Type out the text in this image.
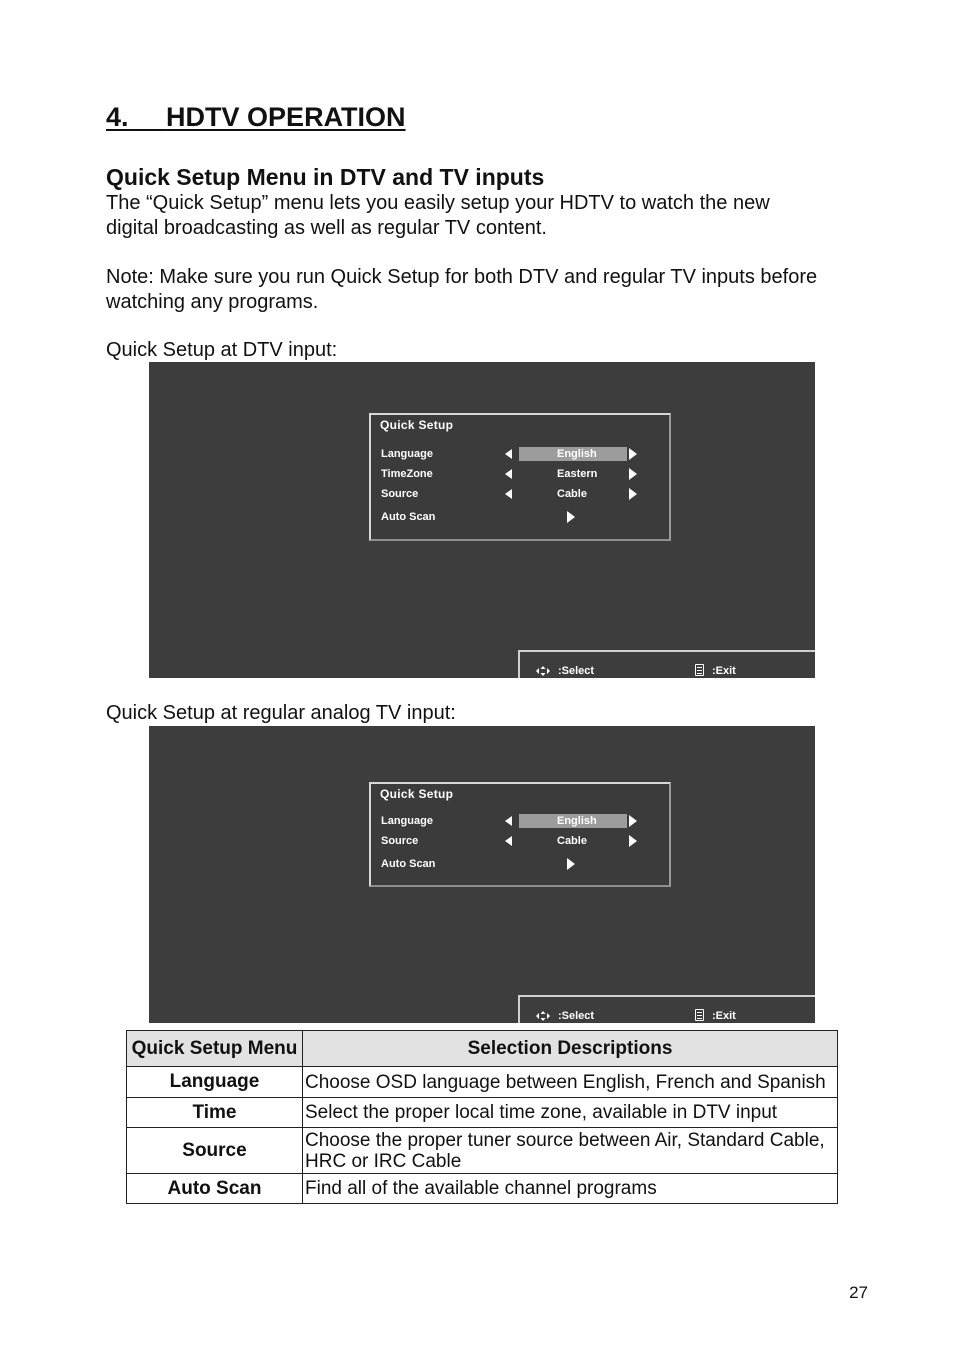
4. HDTV OPERATION
Quick Setup Menu in DTV and TV inputs
The “Quick Setup” menu lets you easily setup your HDTV to watch the new digital broadcasting as well as regular TV content.
Note: Make sure you run Quick Setup for both DTV and regular TV inputs before watching any programs.
Quick Setup at DTV input:
Quick Setup
Language	English
TimeZone	Eastern
Source	Cable
Auto Scan
:Select	:Exit
Quick Setup at regular analog TV input:
Quick Setup
Language	English
Source	Cable
Auto Scan
:Select	:Exit
Quick Setup Menu	Selection Descriptions
Language	Choose OSD language between English, French and Spanish
Time	Select the proper local time zone, available in DTV input
Source	Choose the proper tuner source between Air, Standard Cable, HRC or IRC Cable
Auto Scan	Find all of the available channel programs
27
